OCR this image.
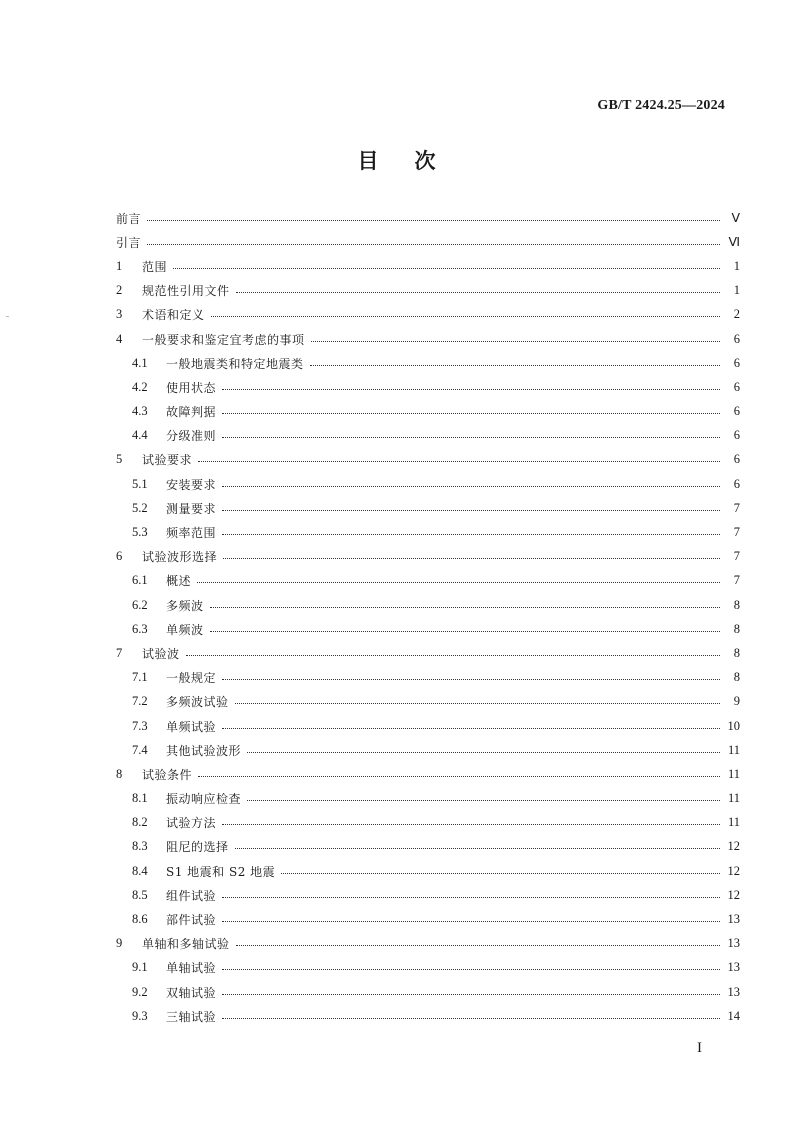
GB/T 2424.25—2024
目次
前言	Ⅴ
引言	Ⅵ
1	范围	1
2	规范性引用文件	1
3	术语和定义	2
4	一般要求和鉴定宜考虑的事项	6
4.1	一般地震类和特定地震类	6
4.2	使用状态	6
4.3	故障判据	6
4.4	分级准则	6
5	试验要求	6
5.1	安装要求	6
5.2	测量要求	7
5.3	频率范围	7
6	试验波形选择	7
6.1	概述	7
6.2	多频波	8
6.3	单频波	8
7	试验波	8
7.1	一般规定	8
7.2	多频波试验	9
7.3	单频试验	10
7.4	其他试验波形	11
8	试验条件	11
8.1	振动响应检查	11
8.2	试验方法	11
8.3	阻尼的选择	12
8.4	S1 地震和 S2 地震	12
8.5	组件试验	12
8.6	部件试验	13
9	单轴和多轴试验	13
9.1	单轴试验	13
9.2	双轴试验	13
9.3	三轴试验	14
I
